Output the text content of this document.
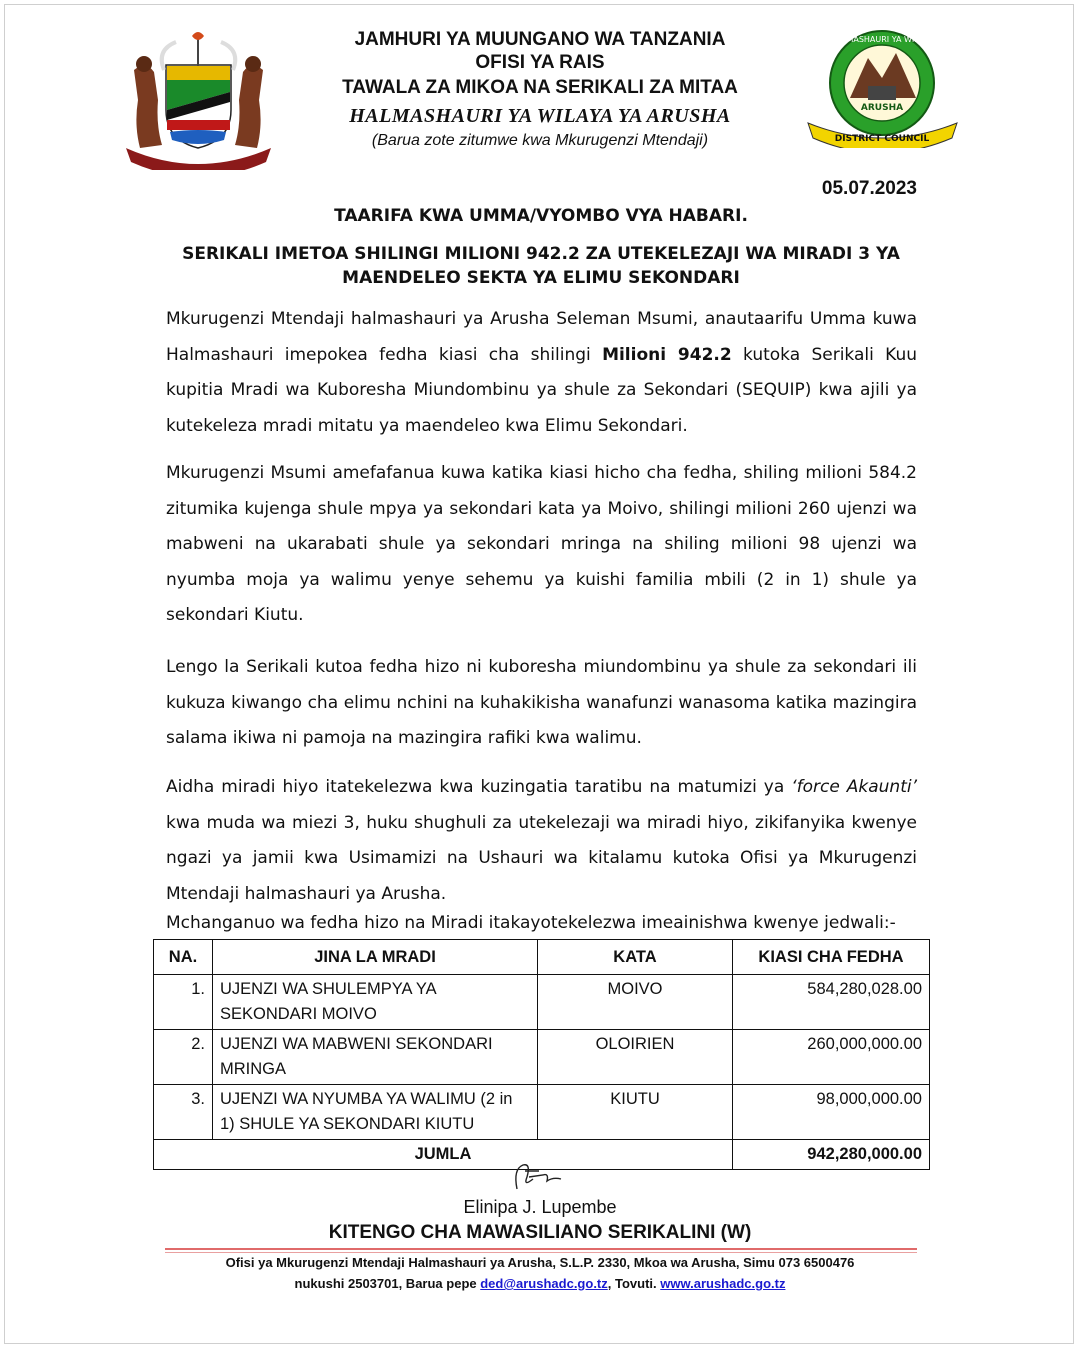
UHURU NA UMOJA
JAMHURI YA MUUNGANO WA TANZANIA
OFISI YA RAIS
TAWALA ZA MIKOA NA SERIKALI ZA MITAA
HALMASHAURI YA WILAYA YA ARUSHA
(Barua zote zitumwe kwa Mkurugenzi Mtendaji)
ARUSHA
HALMASHAURI YA WILAYA
DISTRICT COUNCIL
05.07.2023
TAARIFA KWA UMMA/VYOMBO VYA HABARI.
SERIKALI IMETOA SHILINGI MILIONI 942.2 ZA UTEKELEZAJI WA MIRADI 3 YA MAENDELEO SEKTA YA ELIMU SEKONDARI
Mkurugenzi Mtendaji halmashauri ya Arusha Seleman Msumi, anautaarifu Umma kuwa Halmashauri imepokea fedha kiasi cha shilingi Milioni 942.2 kutoka Serikali Kuu kupitia Mradi wa Kuboresha Miundombinu ya shule za Sekondari (SEQUIP) kwa ajili ya kutekeleza mradi mitatu ya maendeleo kwa Elimu Sekondari.
Mkurugenzi Msumi amefafanua kuwa katika kiasi hicho cha fedha, shiling milioni 584.2 zitumika kujenga shule mpya ya sekondari kata ya Moivo, shilingi milioni 260 ujenzi wa mabweni na ukarabati shule ya sekondari mringa na shiling milioni 98 ujenzi wa nyumba moja ya walimu yenye sehemu ya kuishi familia mbili (2 in 1) shule ya sekondari Kiutu.
Lengo la Serikali kutoa fedha hizo ni kuboresha miundombinu ya shule za sekondari ili kukuza kiwango cha elimu nchini na kuhakikisha wanafunzi wanasoma katika mazingira salama ikiwa ni pamoja na mazingira rafiki kwa walimu.
Aidha miradi hiyo itatekelezwa kwa kuzingatia taratibu na matumizi ya ‘force Akaunti’ kwa muda wa miezi 3, huku shughuli za utekelezaji wa miradi hiyo, zikifanyika kwenye ngazi ya jamii kwa Usimamizi na Ushauri wa kitalamu kutoka Ofisi ya Mkurugenzi Mtendaji halmashauri ya Arusha.
Mchanganuo wa fedha hizo na Miradi itakayotekelezwa imeainishwa kwenye jedwali:-
NA.	JINA LA MRADI	KATA	KIASI CHA FEDHA
1.	UJENZI WA SHULEMPYA YA SEKONDARI MOIVO	MOIVO	584,280,028.00
2.	UJENZI WA MABWENI SEKONDARI MRINGA	OLOIRIEN	260,000,000.00
3.	UJENZI WA NYUMBA YA WALIMU (2 in 1) SHULE YA SEKONDARI KIUTU	KIUTU	98,000,000.00
JUMLA			942,280,000.00
Elinipa J. Lupembe
KITENGO CHA MAWASILIANO SERIKALINI (W)
Ofisi ya Mkurugenzi Mtendaji Halmashauri ya Arusha, S.L.P. 2330, Mkoa wa Arusha, Simu 073 6500476
nukushi 2503701, Barua pepe ded@arushadc.go.tz, Tovuti. www.arushadc.go.tz
